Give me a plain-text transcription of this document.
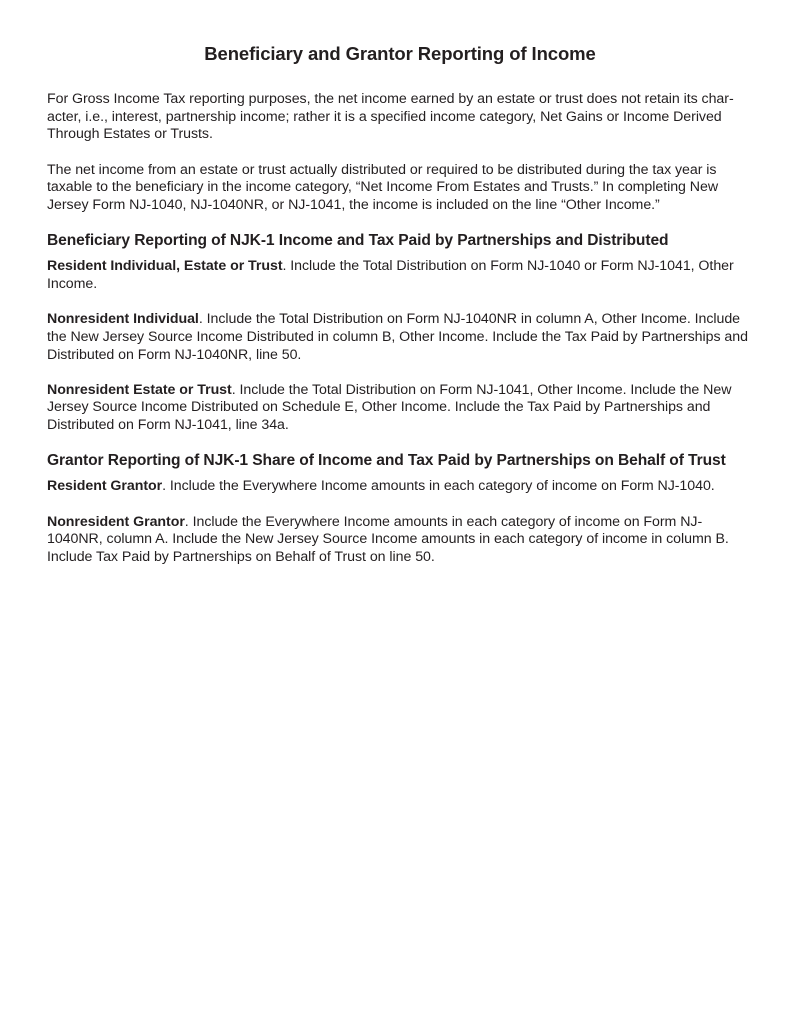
Beneficiary and Grantor Reporting of Income

For Gross Income Tax reporting purposes, the net income earned by an estate or trust does not retain its character, i.e., interest, partnership income; rather it is a specified income category, Net Gains or Income Derived Through Estates or Trusts.

The net income from an estate or trust actually distributed or required to be distributed during the tax year is taxable to the beneficiary in the income category, “Net Income From Estates and Trusts.” In completing New Jersey Form NJ-1040, NJ-1040NR, or NJ-1041, the income is included on the line “Other Income.”

Beneficiary Reporting of NJK-1 Income and Tax Paid by Partnerships and Distributed

Resident Individual, Estate or Trust. Include the Total Distribution on Form NJ-1040 or Form NJ-1041, Other Income.

Nonresident Individual. Include the Total Distribution on Form NJ-1040NR in column A, Other Income. Include the New Jersey Source Income Distributed in column B, Other Income. Include the Tax Paid by Partnerships and Distributed on Form NJ-1040NR, line 50.

Nonresident Estate or Trust. Include the Total Distribution on Form NJ-1041, Other Income. Include the New Jersey Source Income Distributed on Schedule E, Other Income. Include the Tax Paid by Partnerships and Distributed on Form NJ-1041, line 34a.

Grantor Reporting of NJK-1 Share of Income and Tax Paid by Partnerships on Behalf of Trust

Resident Grantor. Include the Everywhere Income amounts in each category of income on Form NJ-1040.

Nonresident Grantor. Include the Everywhere Income amounts in each category of income on Form NJ-1040NR, column A. Include the New Jersey Source Income amounts in each category of income in column B. Include Tax Paid by Partnerships on Behalf of Trust on line 50.
